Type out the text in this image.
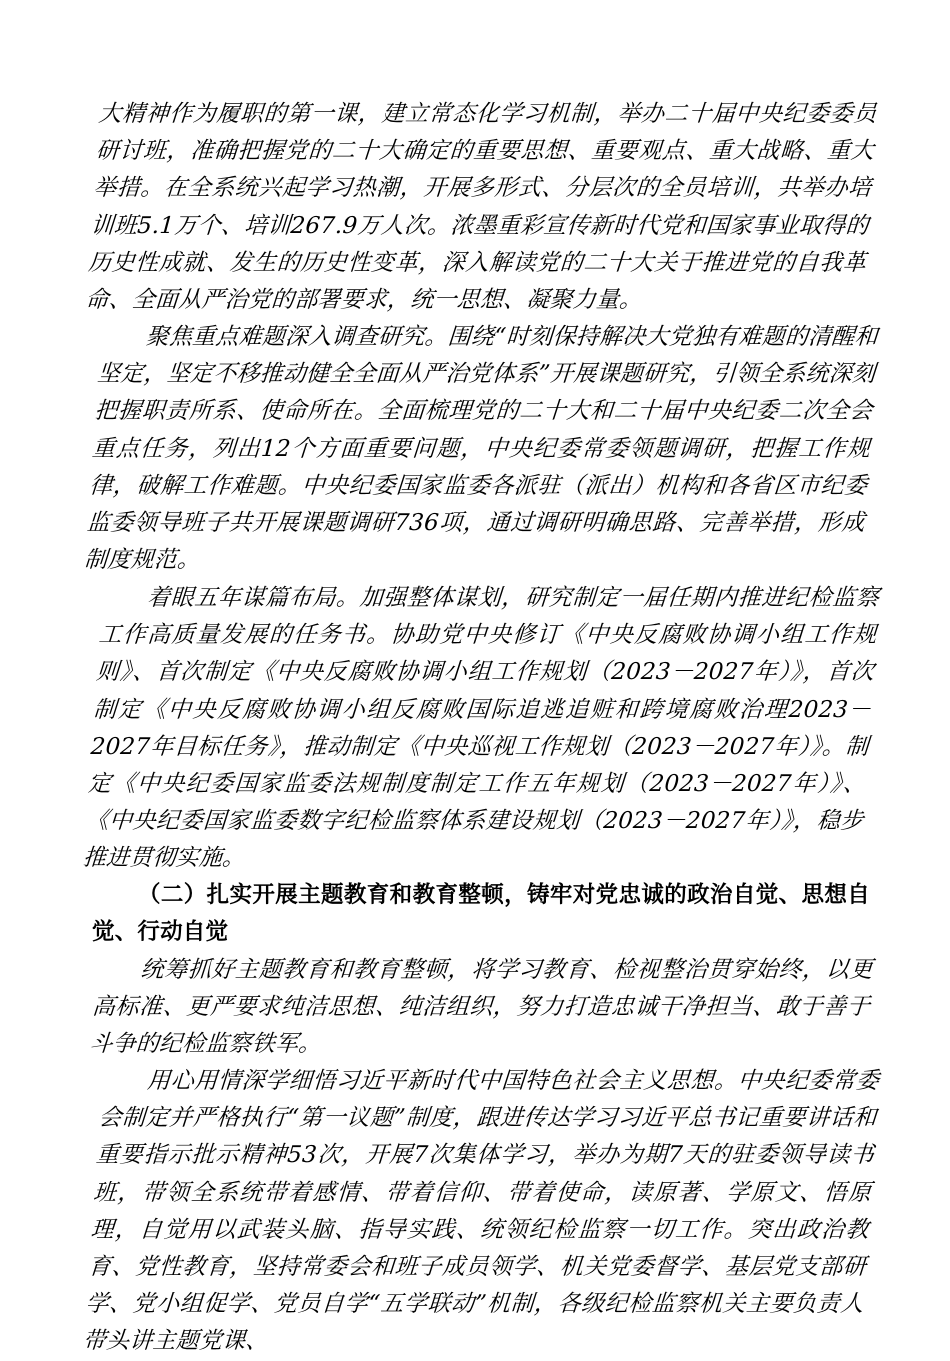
大精神作为履职的第一课，建立常态化学习机制，举办二十届中央纪委委员研讨班，准确把握党的二十大确定的重要思想、重要观点、重大战略、重大举措。在全系统兴起学习热潮，开展多形式、分层次的全员培训，共举办培训班5.1万个、培训267.9万人次。浓墨重彩宣传新时代党和国家事业取得的历史性成就、发生的历史性变革，深入解读党的二十大关于推进党的自我革命、全面从严治党的部署要求，统一思想、凝聚力量。

聚焦重点难题深入调查研究。围绕“时刻保持解决大党独有难题的清醒和坚定，坚定不移推动健全全面从严治党体系”开展课题研究，引领全系统深刻把握职责所系、使命所在。全面梳理党的二十大和二十届中央纪委二次全会重点任务，列出12个方面重要问题，中央纪委常委领题调研，把握工作规律，破解工作难题。中央纪委国家监委各派驻（派出）机构和各省区市纪委监委领导班子共开展课题调研736项，通过调研明确思路、完善举措，形成制度规范。

着眼五年谋篇布局。加强整体谋划，研究制定一届任期内推进纪检监察工作高质量发展的任务书。协助党中央修订《中央反腐败协调小组工作规则》、首次制定《中央反腐败协调小组工作规划（2023－2027年）》，首次制定《中央反腐败协调小组反腐败国际追逃追赃和跨境腐败治理2023－2027年目标任务》，推动制定《中央巡视工作规划（2023－2027年）》。制定《中央纪委国家监委法规制度制定工作五年规划（2023－2027年）》、《中央纪委国家监委数字纪检监察体系建设规划（2023－2027年）》，稳步推进贯彻实施。

（二）扎实开展主题教育和教育整顿，铸牢对党忠诚的政治自觉、思想自觉、行动自觉

统筹抓好主题教育和教育整顿，将学习教育、检视整治贯穿始终，以更高标准、更严要求纯洁思想、纯洁组织，努力打造忠诚干净担当、敢于善于斗争的纪检监察铁军。

用心用情深学细悟习近平新时代中国特色社会主义思想。中央纪委常委会制定并严格执行“第一议题”制度，跟进传达学习习近平总书记重要讲话和重要指示批示精神53次，开展7次集体学习，举办为期7天的驻委领导读书班，带领全系统带着感情、带着信仰、带着使命，读原著、学原文、悟原理，自觉用以武装头脑、指导实践、统领纪检监察一切工作。突出政治教育、党性教育，坚持常委会和班子成员领学、机关党委督学、基层党支部研学、党小组促学、党员自学“五学联动”机制，各级纪检监察机关主要负责人带头讲主题党课、
